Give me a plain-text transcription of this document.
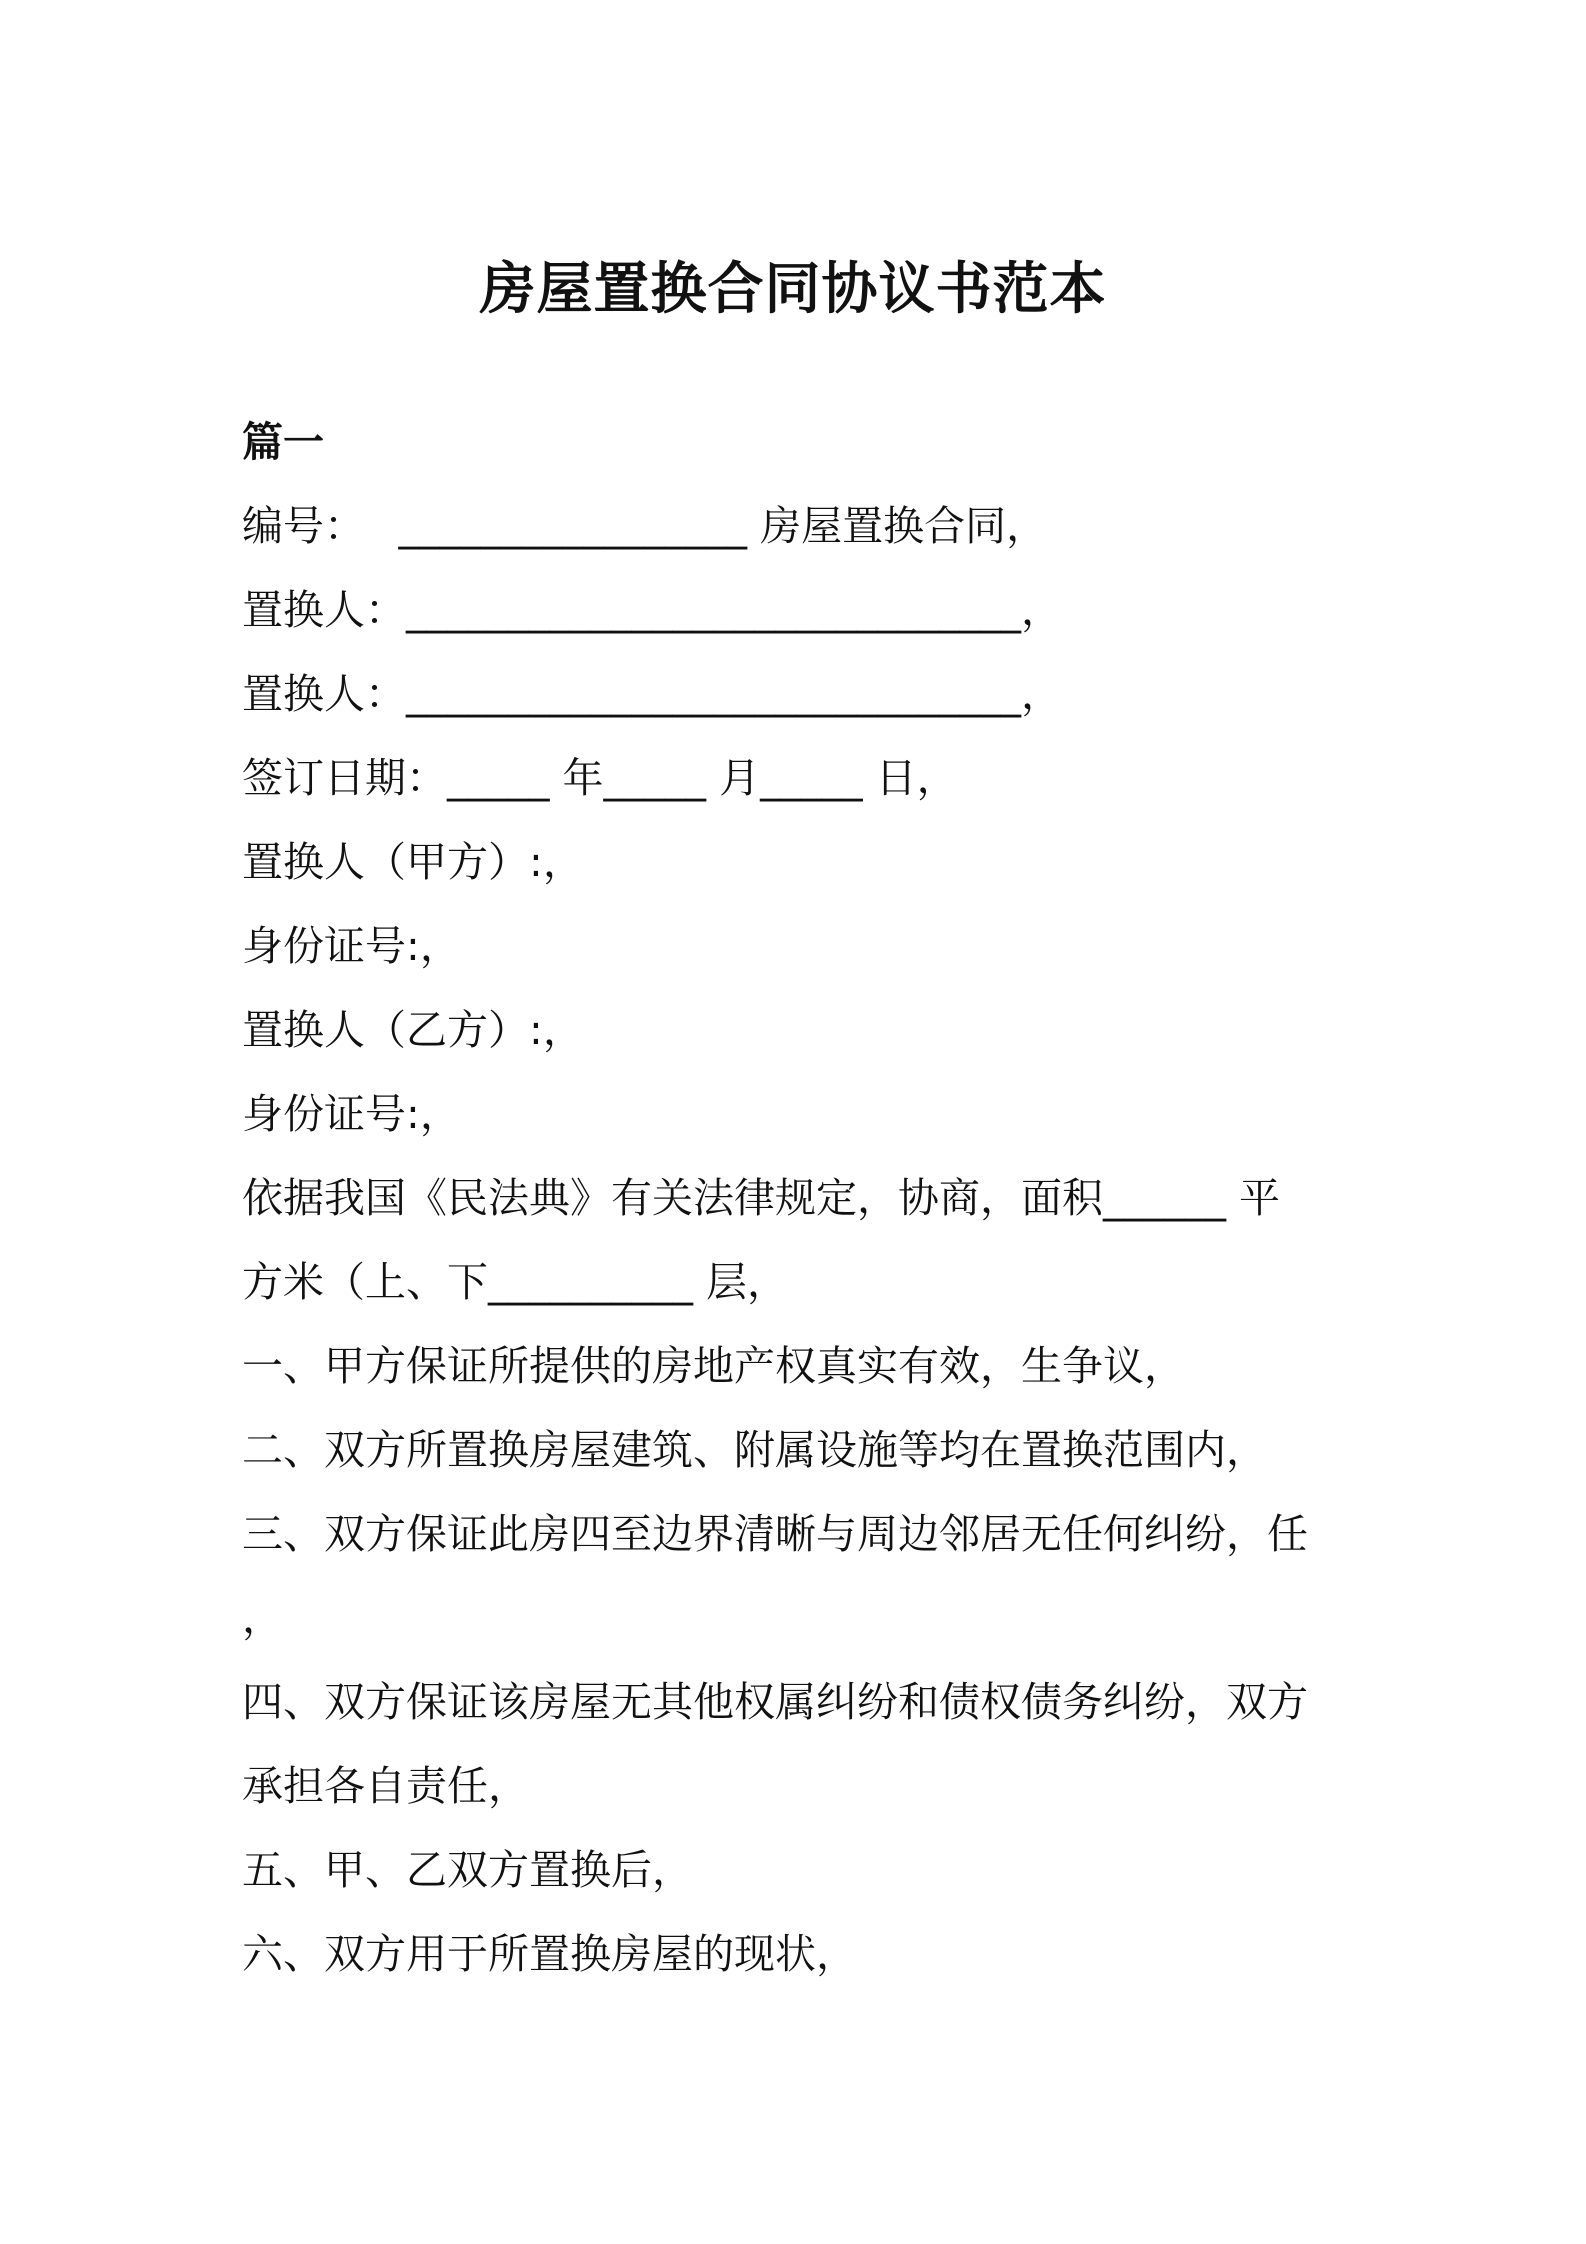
房屋置换合同协议书范本
篇一
编号：　 _________________ 房屋置换合同，
置换人：______________________________，
置换人：______________________________，
签订日期：_____ 年_____ 月_____ 日，
置换人（甲方）:，
身份证号:，
置换人（乙方）:，
身份证号:，
依据我国《民法典》有关法律规定，协商，面积______ 平
方米（上、下__________ 层，
一、甲方保证所提供的房地产权真实有效，生争议，
二、双方所置换房屋建筑、附属设施等均在置换范围内，
三、双方保证此房四至边界清晰与周边邻居无任何纠纷，任
，
四、双方保证该房屋无其他权属纠纷和债权债务纠纷，双方
承担各自责任，
五、甲、乙双方置换后，
六、双方用于所置换房屋的现状，
